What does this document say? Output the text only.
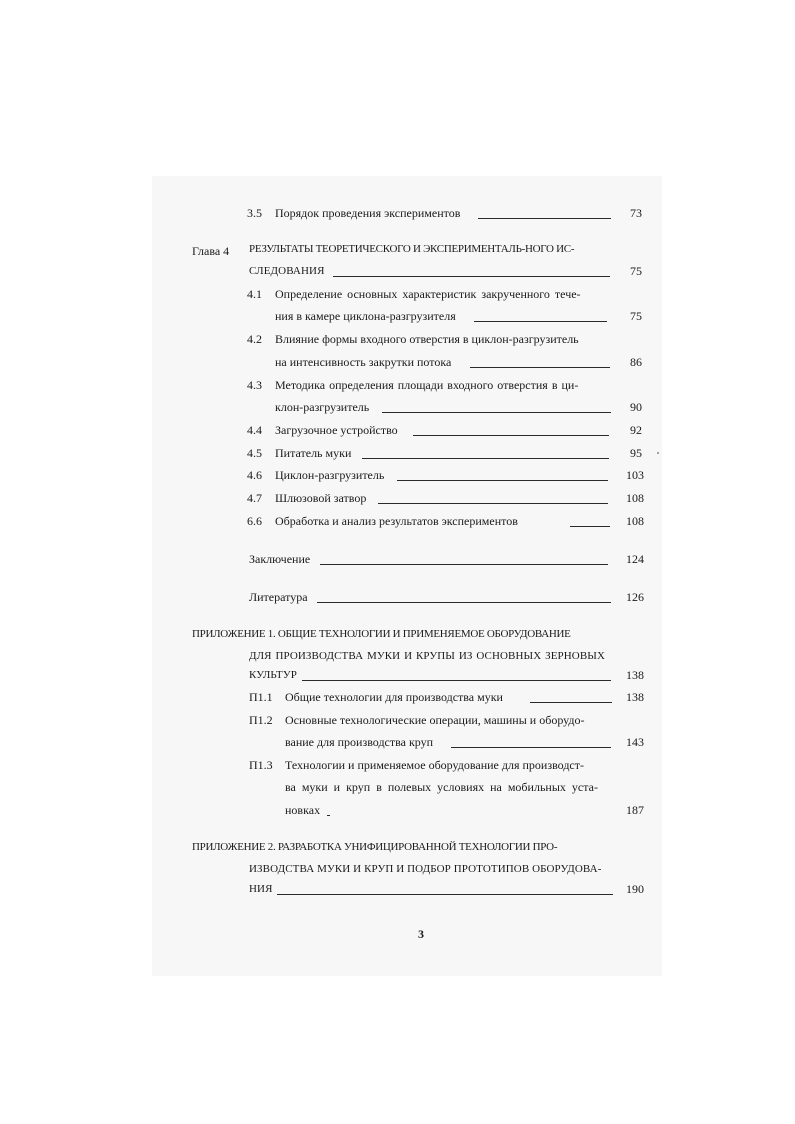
3.5 Порядок проведения экспериментов	73
Глава 4 РЕЗУЛЬТАТЫ ТЕОРЕТИЧЕСКОГО И ЭКСПЕРИМЕНТАЛЬ-НОГО ИС-
СЛЕДОВАНИЯ	75
4.1 Определение основных характеристик закрученного тече-
ния в камере циклона-разгрузителя	75
4.2 Влияние формы входного отверстия в циклон-разгрузитель
на интенсивность закрутки потока	86
4.3 Методика определения площади входного отверстия в ци-
клон-разгрузитель	90
4.4 Загрузочное устройство	92
4.5 Питатель муки	95
4.6 Циклон-разгрузитель	103
4.7 Шлюзовой затвор	108
6.6 Обработка и анализ результатов экспериментов	108
Заключение	124
Литература	126
ПРИЛОЖЕНИЕ 1. ОБЩИЕ ТЕХНОЛОГИИ И ПРИМЕНЯЕМОЕ ОБОРУДОВАНИЕ
ДЛЯ ПРОИЗВОДСТВА МУКИ И КРУПЫ ИЗ ОСНОВНЫХ ЗЕРНОВЫХ
КУЛЬТУР	138
П1.1 Общие технологии для производства муки	138
П1.2 Основные технологические операции, машины и оборудо-
вание для производства круп	143
П1.3 Технологии и применяемое оборудование для производст-
ва муки и круп в полевых условиях на мобильных уста-
новках	187
ПРИЛОЖЕНИЕ 2. РАЗРАБОТКА УНИФИЦИРОВАННОЙ ТЕХНОЛОГИИ ПРО-
ИЗВОДСТВА МУКИ И КРУП И ПОДБОР ПРОТОТИПОВ ОБОРУДОВА-
НИЯ	190
3
